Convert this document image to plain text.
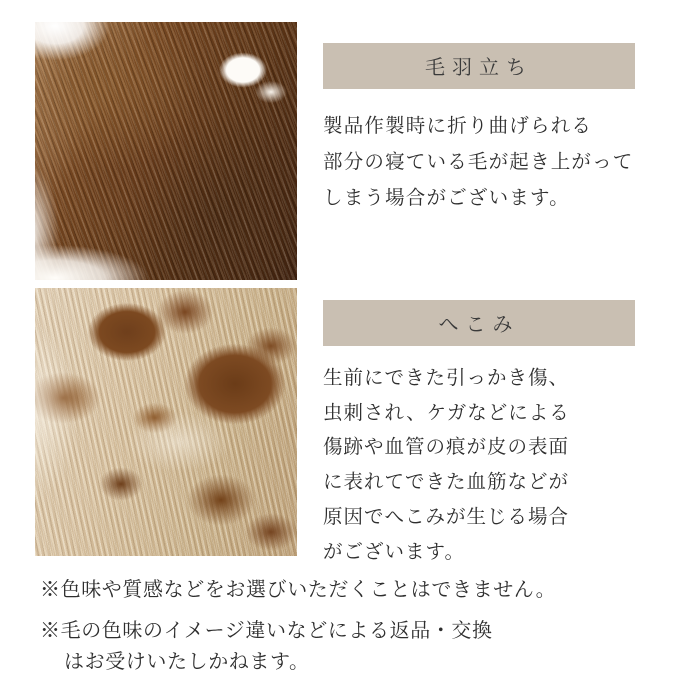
毛羽立ち
製品作製時に折り曲げられる
部分の寝ている毛が起き上がって
しまう場合がございます。
へこみ
生前にできた引っかき傷、
虫刺され、ケガなどによる
傷跡や血管の痕が皮の表面
に表れてできた血筋などが
原因でへこみが生じる場合
がございます。
※色味や質感などをお選びいただくことはできません。
※毛の色味のイメージ違いなどによる返品・交換
はお受けいたしかねます。
